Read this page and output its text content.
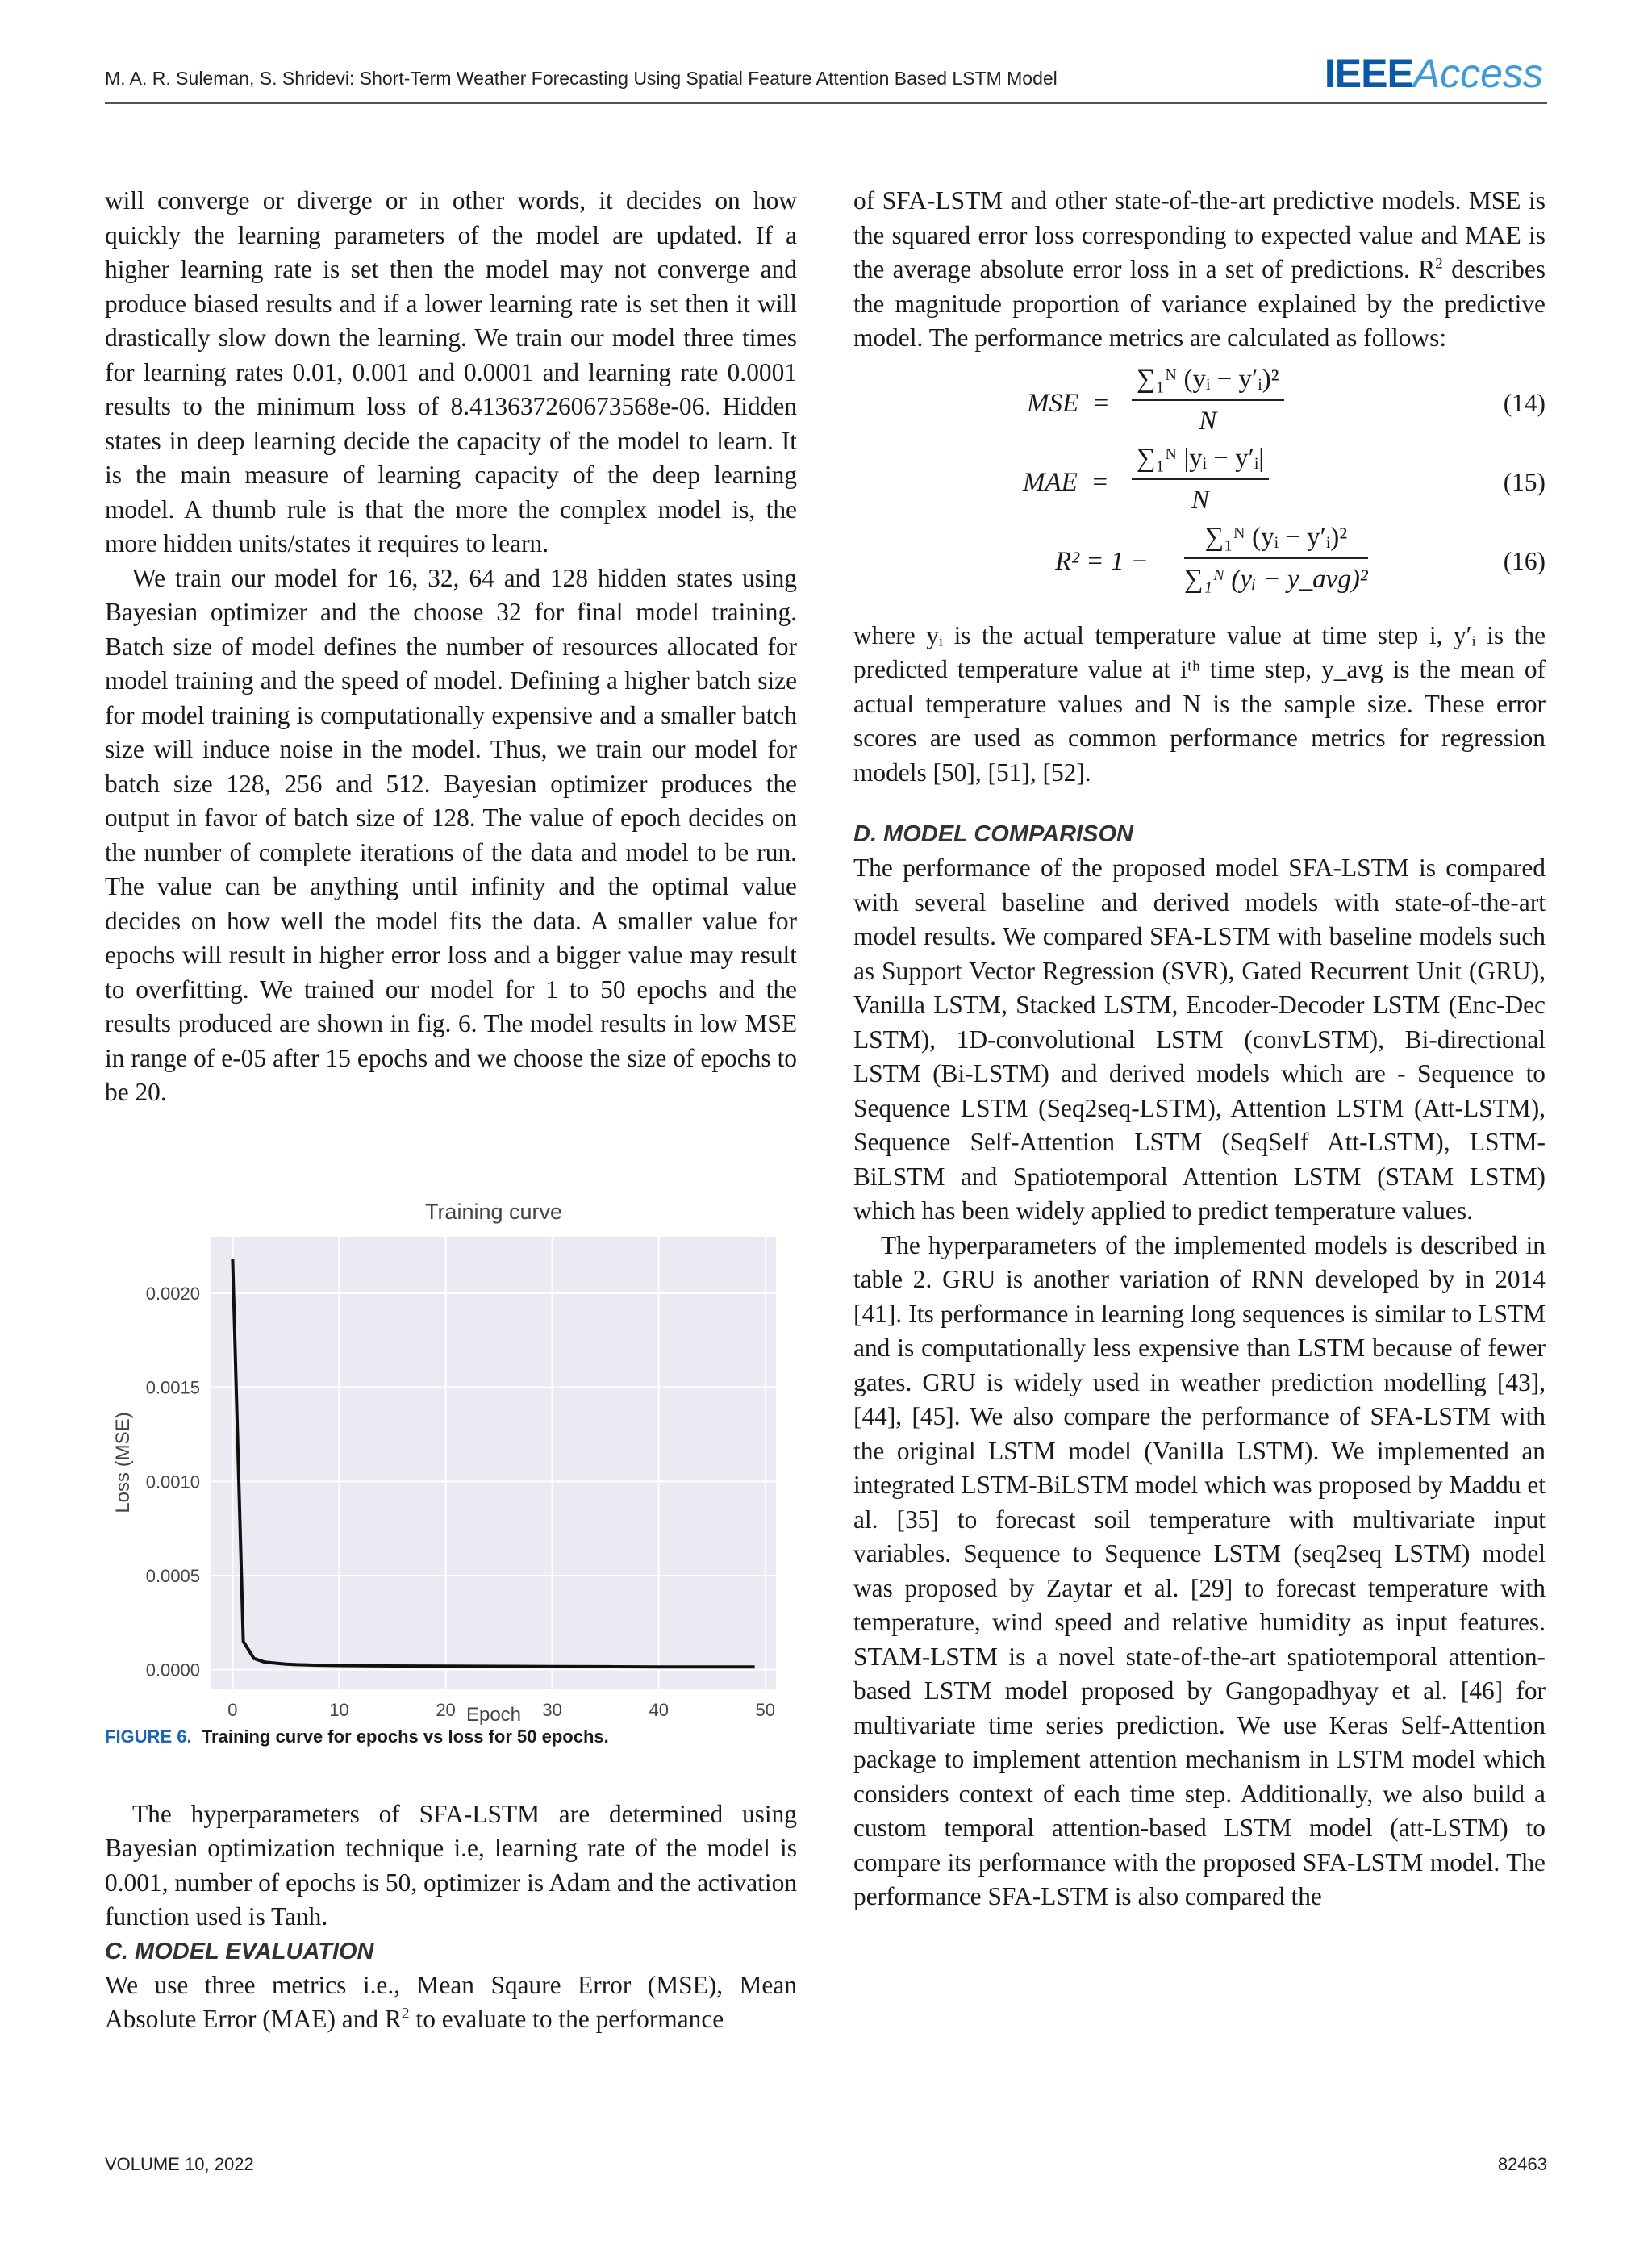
M. A. R. Suleman, S. Shridevi: Short-Term Weather Forecasting Using Spatial Feature Attention Based LSTM Model	IEEEAccess

will converge or diverge or in other words, it decides on how quickly the learning parameters of the model are updated. If a higher learning rate is set then the model may not converge and produce biased results and if a lower learning rate is set then it will drastically slow down the learning. We train our model three times for learning rates 0.01, 0.001 and 0.0001 and learning rate 0.0001 results to the minimum loss of 8.413637260673568e-06. Hidden states in deep learning decide the capacity of the model to learn. It is the main measure of learning capacity of the deep learning model. A thumb rule is that the more the complex model is, the more hidden units/states it requires to learn.

We train our model for 16, 32, 64 and 128 hidden states using Bayesian optimizer and the choose 32 for final model training. Batch size of model defines the number of resources allocated for model training and the speed of model. Defining a higher batch size for model training is computationally expensive and a smaller batch size will induce noise in the model. Thus, we train our model for batch size 128, 256 and 512. Bayesian optimizer produces the output in favor of batch size of 128. The value of epoch decides on the number of complete iterations of the data and model to be run. The value can be anything until infinity and the optimal value decides on how well the model fits the data. A smaller value for epochs will result in higher error loss and a bigger value may result to overfitting. We trained our model for 1 to 50 epochs and the results produced are shown in fig. 6. The model results in low MSE in range of e-05 after 15 epochs and we choose the size of epochs to be 20.

Training curve
0.0000
0.0005
0.0010
0.0015
0.0020
0	10	20	30	40	50
Epoch
Loss (MSE)

FIGURE 6. Training curve for epochs vs loss for 50 epochs.

The hyperparameters of SFA-LSTM are determined using Bayesian optimization technique i.e, learning rate of the model is 0.001, number of epochs is 50, optimizer is Adam and the activation function used is Tanh.

C. MODEL EVALUATION

We use three metrics i.e., Mean Sqaure Error (MSE), Mean Absolute Error (MAE) and $R^2$ to evaluate to the performance

of SFA-LSTM and other state-of-the-art predictive models. MSE is the squared error loss corresponding to expected value and MAE is the average absolute error loss in a set of predictions. $R^2$ describes the magnitude proportion of variance explained by the predictive model. The performance metrics are calculated as follows:

MSE  = $\frac{\text{∑₁ᴺ (yᵢ − y′ᵢ)²}}{N}$	(14)
MAE  = $\frac{\text{∑₁ᴺ |yᵢ − y′ᵢ|}}{N}$	(15)
R² = 1 −
∑₁ᴺ (yᵢ − y′ᵢ)²
∑₁ᴺ (yᵢ − y_avg)²
(16)

where yᵢ is the actual temperature value at time step i, y′ᵢ is the predicted temperature value at iᵗʰ time step, y_avg is the mean of actual temperature values and N is the sample size. These error scores are used as common performance metrics for regression models [50], [51], [52].

D. MODEL COMPARISON

The performance of the proposed model SFA-LSTM is compared with several baseline and derived models with state-of-the-art model results. We compared SFA-LSTM with baseline models such as Support Vector Regression (SVR), Gated Recurrent Unit (GRU), Vanilla LSTM, Stacked LSTM, Encoder-Decoder LSTM (Enc-Dec LSTM), 1D-convolutional LSTM (convLSTM), Bi-directional LSTM (Bi-LSTM) and derived models which are - Sequence to Sequence LSTM (Seq2seq-LSTM), Attention LSTM (Att-LSTM), Sequence Self-Attention LSTM (SeqSelf Att-LSTM), LSTM-BiLSTM and Spatiotemporal Attention LSTM (STAM LSTM) which has been widely applied to predict temperature values.

The hyperparameters of the implemented models is described in table 2. GRU is another variation of RNN developed by in 2014 [41]. Its performance in learning long sequences is similar to LSTM and is computationally less expensive than LSTM because of fewer gates. GRU is widely used in weather prediction modelling [43], [44], [45]. We also compare the performance of SFA-LSTM with the original LSTM model (Vanilla LSTM). We implemented an integrated LSTM-BiLSTM model which was proposed by Maddu et al. [35] to forecast soil temperature with multivariate input variables. Sequence to Sequence LSTM (seq2seq LSTM) model was proposed by Zaytar et al. [29] to forecast temperature with temperature, wind speed and relative humidity as input features. STAM-LSTM is a novel state-of-the-art spatiotemporal attention- based LSTM model proposed by Gangopadhyay et al. [46] for multivariate time series prediction. We use Keras Self-Attention package to implement attention mechanism in LSTM model which considers context of each time step. Additionally, we also build a custom temporal attention-based LSTM model (att-LSTM) to compare its performance with the proposed SFA-LSTM model. The performance SFA-LSTM is also compared the

VOLUME 10, 2022	82463
